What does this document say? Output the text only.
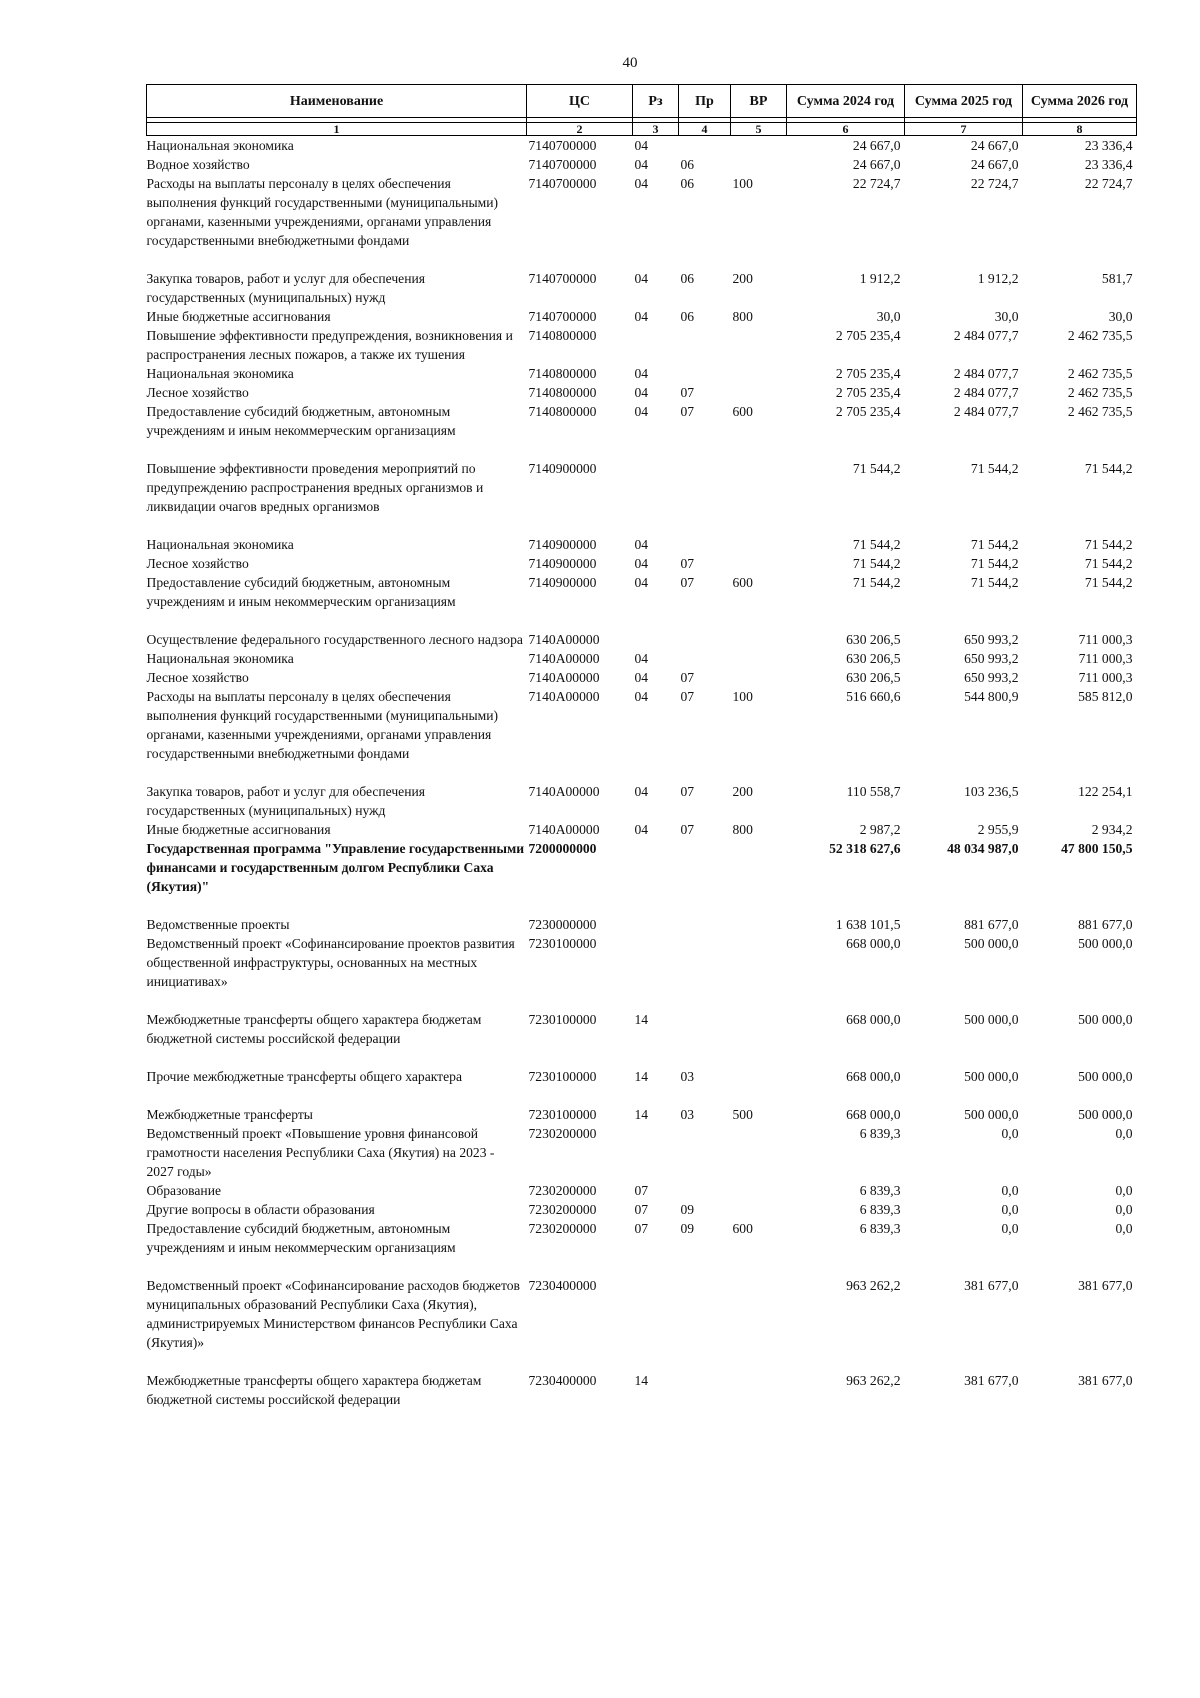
40
Наименование	ЦС	Рз	Пр	ВР	Сумма 2024 год	Сумма 2025 год	Сумма 2026 год

1	2	3	4	5	6	7	8
Национальная экономика	7140700000	04			24 667,0	24 667,0	23 336,4
Водное хозяйство	7140700000	04	06		24 667,0	24 667,0	23 336,4
Расходы на выплаты персоналу в целях обеспечения выполнения функций государственными (муниципальными) органами, казенными учреждениями, органами управления государственными внебюджетными фондами	7140700000	04	06	100	22 724,7	22 724,7	22 724,7
Закупка товаров, работ и услуг для обеспечения государственных (муниципальных) нужд	7140700000	04	06	200	1 912,2	1 912,2	581,7
Иные бюджетные ассигнования	7140700000	04	06	800	30,0	30,0	30,0
Повышение эффективности предупреждения, возникновения и распространения лесных пожаров, а также их тушения	7140800000				2 705 235,4	2 484 077,7	2 462 735,5
Национальная экономика	7140800000	04			2 705 235,4	2 484 077,7	2 462 735,5
Лесное хозяйство	7140800000	04	07		2 705 235,4	2 484 077,7	2 462 735,5
Предоставление субсидий бюджетным, автономным учреждениям и иным некоммерческим организациям	7140800000	04	07	600	2 705 235,4	2 484 077,7	2 462 735,5
Повышение эффективности проведения мероприятий по предупреждению распространения вредных организмов и ликвидации очагов вредных организмов	7140900000				71 544,2	71 544,2	71 544,2
Национальная экономика	7140900000	04			71 544,2	71 544,2	71 544,2
Лесное хозяйство	7140900000	04	07		71 544,2	71 544,2	71 544,2
Предоставление субсидий бюджетным, автономным учреждениям и иным некоммерческим организациям	7140900000	04	07	600	71 544,2	71 544,2	71 544,2
Осуществление федерального государственного лесного надзора	7140А00000				630 206,5	650 993,2	711 000,3
Национальная экономика	7140А00000	04			630 206,5	650 993,2	711 000,3
Лесное хозяйство	7140А00000	04	07		630 206,5	650 993,2	711 000,3
Расходы на выплаты персоналу в целях обеспечения выполнения функций государственными (муниципальными) органами, казенными учреждениями, органами управления государственными внебюджетными фондами	7140А00000	04	07	100	516 660,6	544 800,9	585 812,0
Закупка товаров, работ и услуг для обеспечения государственных (муниципальных) нужд	7140А00000	04	07	200	110 558,7	103 236,5	122 254,1
Иные бюджетные ассигнования	7140А00000	04	07	800	2 987,2	2 955,9	2 934,2
Государственная программа "Управление государственными финансами и государственным долгом Республики Саха (Якутия)"	7200000000				52 318 627,6	48 034 987,0	47 800 150,5
Ведомственные проекты	7230000000				1 638 101,5	881 677,0	881 677,0
Ведомственный проект «Софинансирование проектов развития общественной инфраструктуры, основанных на местных инициативах»	7230100000				668 000,0	500 000,0	500 000,0
Межбюджетные трансферты общего характера бюджетам бюджетной системы российской федерации	7230100000	14			668 000,0	500 000,0	500 000,0
Прочие межбюджетные трансферты общего характера	7230100000	14	03		668 000,0	500 000,0	500 000,0
Межбюджетные трансферты	7230100000	14	03	500	668 000,0	500 000,0	500 000,0
Ведомственный проект «Повышение уровня финансовой грамотности населения Республики Саха (Якутия) на 2023 - 2027 годы»	7230200000				6 839,3	0,0	0,0
Образование	7230200000	07			6 839,3	0,0	0,0
Другие вопросы в области образования	7230200000	07	09		6 839,3	0,0	0,0
Предоставление субсидий бюджетным, автономным учреждениям и иным некоммерческим организациям	7230200000	07	09	600	6 839,3	0,0	0,0
Ведомственный проект «Софинансирование расходов бюджетов муниципальных образований Республики Саха (Якутия), администрируемых Министерством финансов Республики Саха (Якутия)»	7230400000				963 262,2	381 677,0	381 677,0
Межбюджетные трансферты общего характера бюджетам бюджетной системы российской федерации	7230400000	14			963 262,2	381 677,0	381 677,0
